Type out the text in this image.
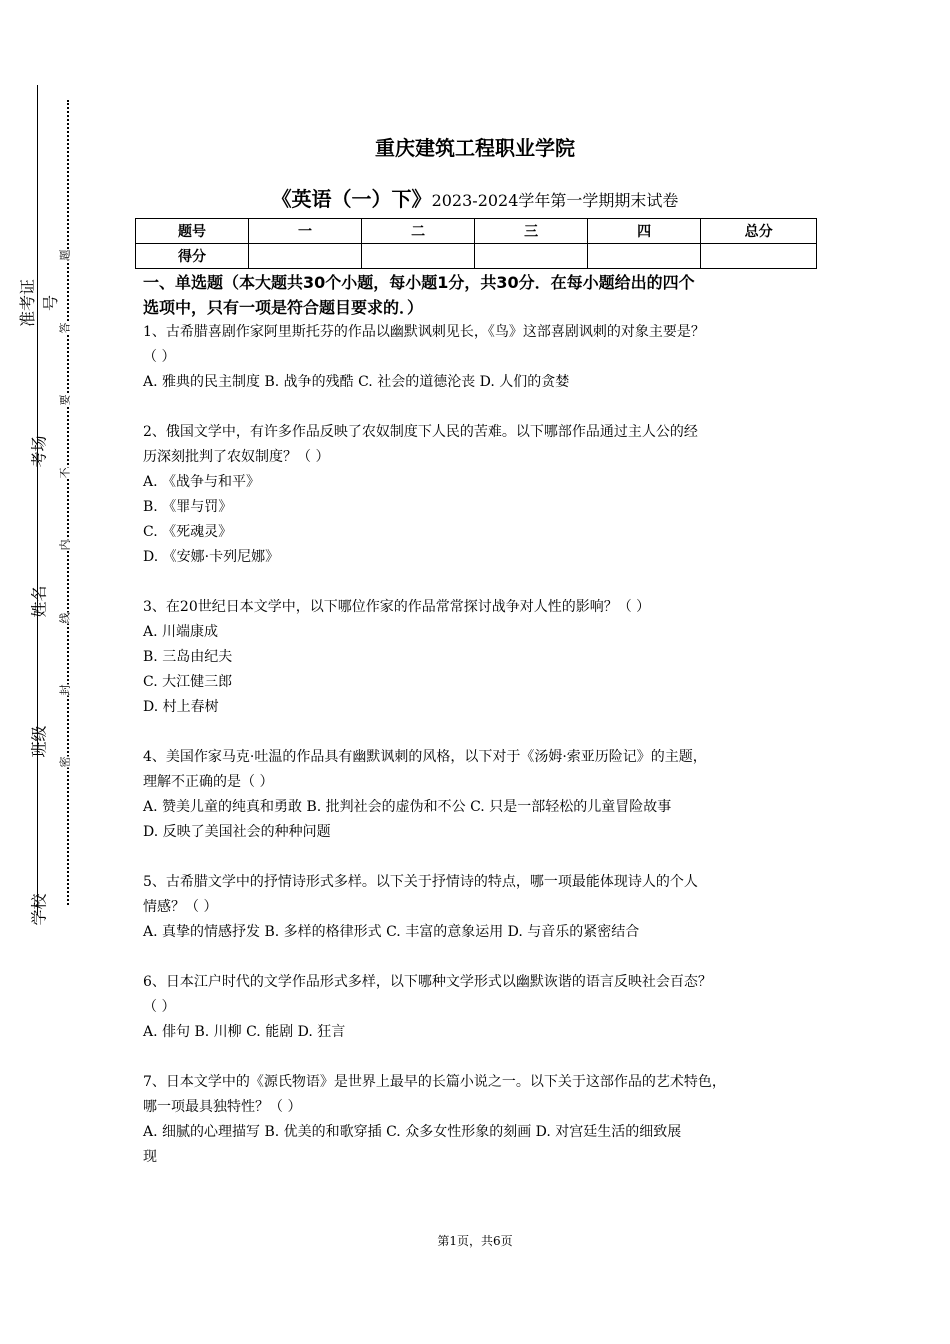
准考证号
考场
姓名
班级
学校
题
答
要
不
内
线
封
密
重庆建筑工程职业学院
《英语（一）下》2023-2024学年第一学期期末试卷
题号	一	二	三	四	总分
得分					

一、单选题（本大题共30个小题，每小题1分，共30分．在每小题给出的四个

选项中，只有一项是符合题目要求的．）

1、古希腊喜剧作家阿里斯托芬的作品以幽默讽刺见长，《鸟》这部喜剧讽刺的对象主要是？

（ ）

A. 雅典的民主制度 B. 战争的残酷 C. 社会的道德沦丧 D. 人们的贪婪

2、俄国文学中，有许多作品反映了农奴制度下人民的苦难。以下哪部作品通过主人公的经

历深刻批判了农奴制度？（ ）

A. 《战争与和平》

B. 《罪与罚》

C. 《死魂灵》

D. 《安娜·卡列尼娜》

3、在20世纪日本文学中，以下哪位作家的作品常常探讨战争对人性的影响？（ ）

A. 川端康成

B. 三岛由纪夫

C. 大江健三郎

D. 村上春树

4、美国作家马克·吐温的作品具有幽默讽刺的风格，以下对于《汤姆·索亚历险记》的主题，

理解不正确的是（ ）

A. 赞美儿童的纯真和勇敢 B. 批判社会的虚伪和不公 C. 只是一部轻松的儿童冒险故事

D. 反映了美国社会的种种问题

5、古希腊文学中的抒情诗形式多样。以下关于抒情诗的特点，哪一项最能体现诗人的个人

情感？（ ）

A. 真挚的情感抒发 B. 多样的格律形式 C. 丰富的意象运用 D. 与音乐的紧密结合

6、日本江户时代的文学作品形式多样，以下哪种文学形式以幽默诙谐的语言反映社会百态？

（ ）

A. 俳句 B. 川柳 C. 能剧 D. 狂言

7、日本文学中的《源氏物语》是世界上最早的长篇小说之一。以下关于这部作品的艺术特色，

哪一项最具独特性？（ ）

A. 细腻的心理描写 B. 优美的和歌穿插 C. 众多女性形象的刻画 D. 对宫廷生活的细致展

现

第1页，共6页
